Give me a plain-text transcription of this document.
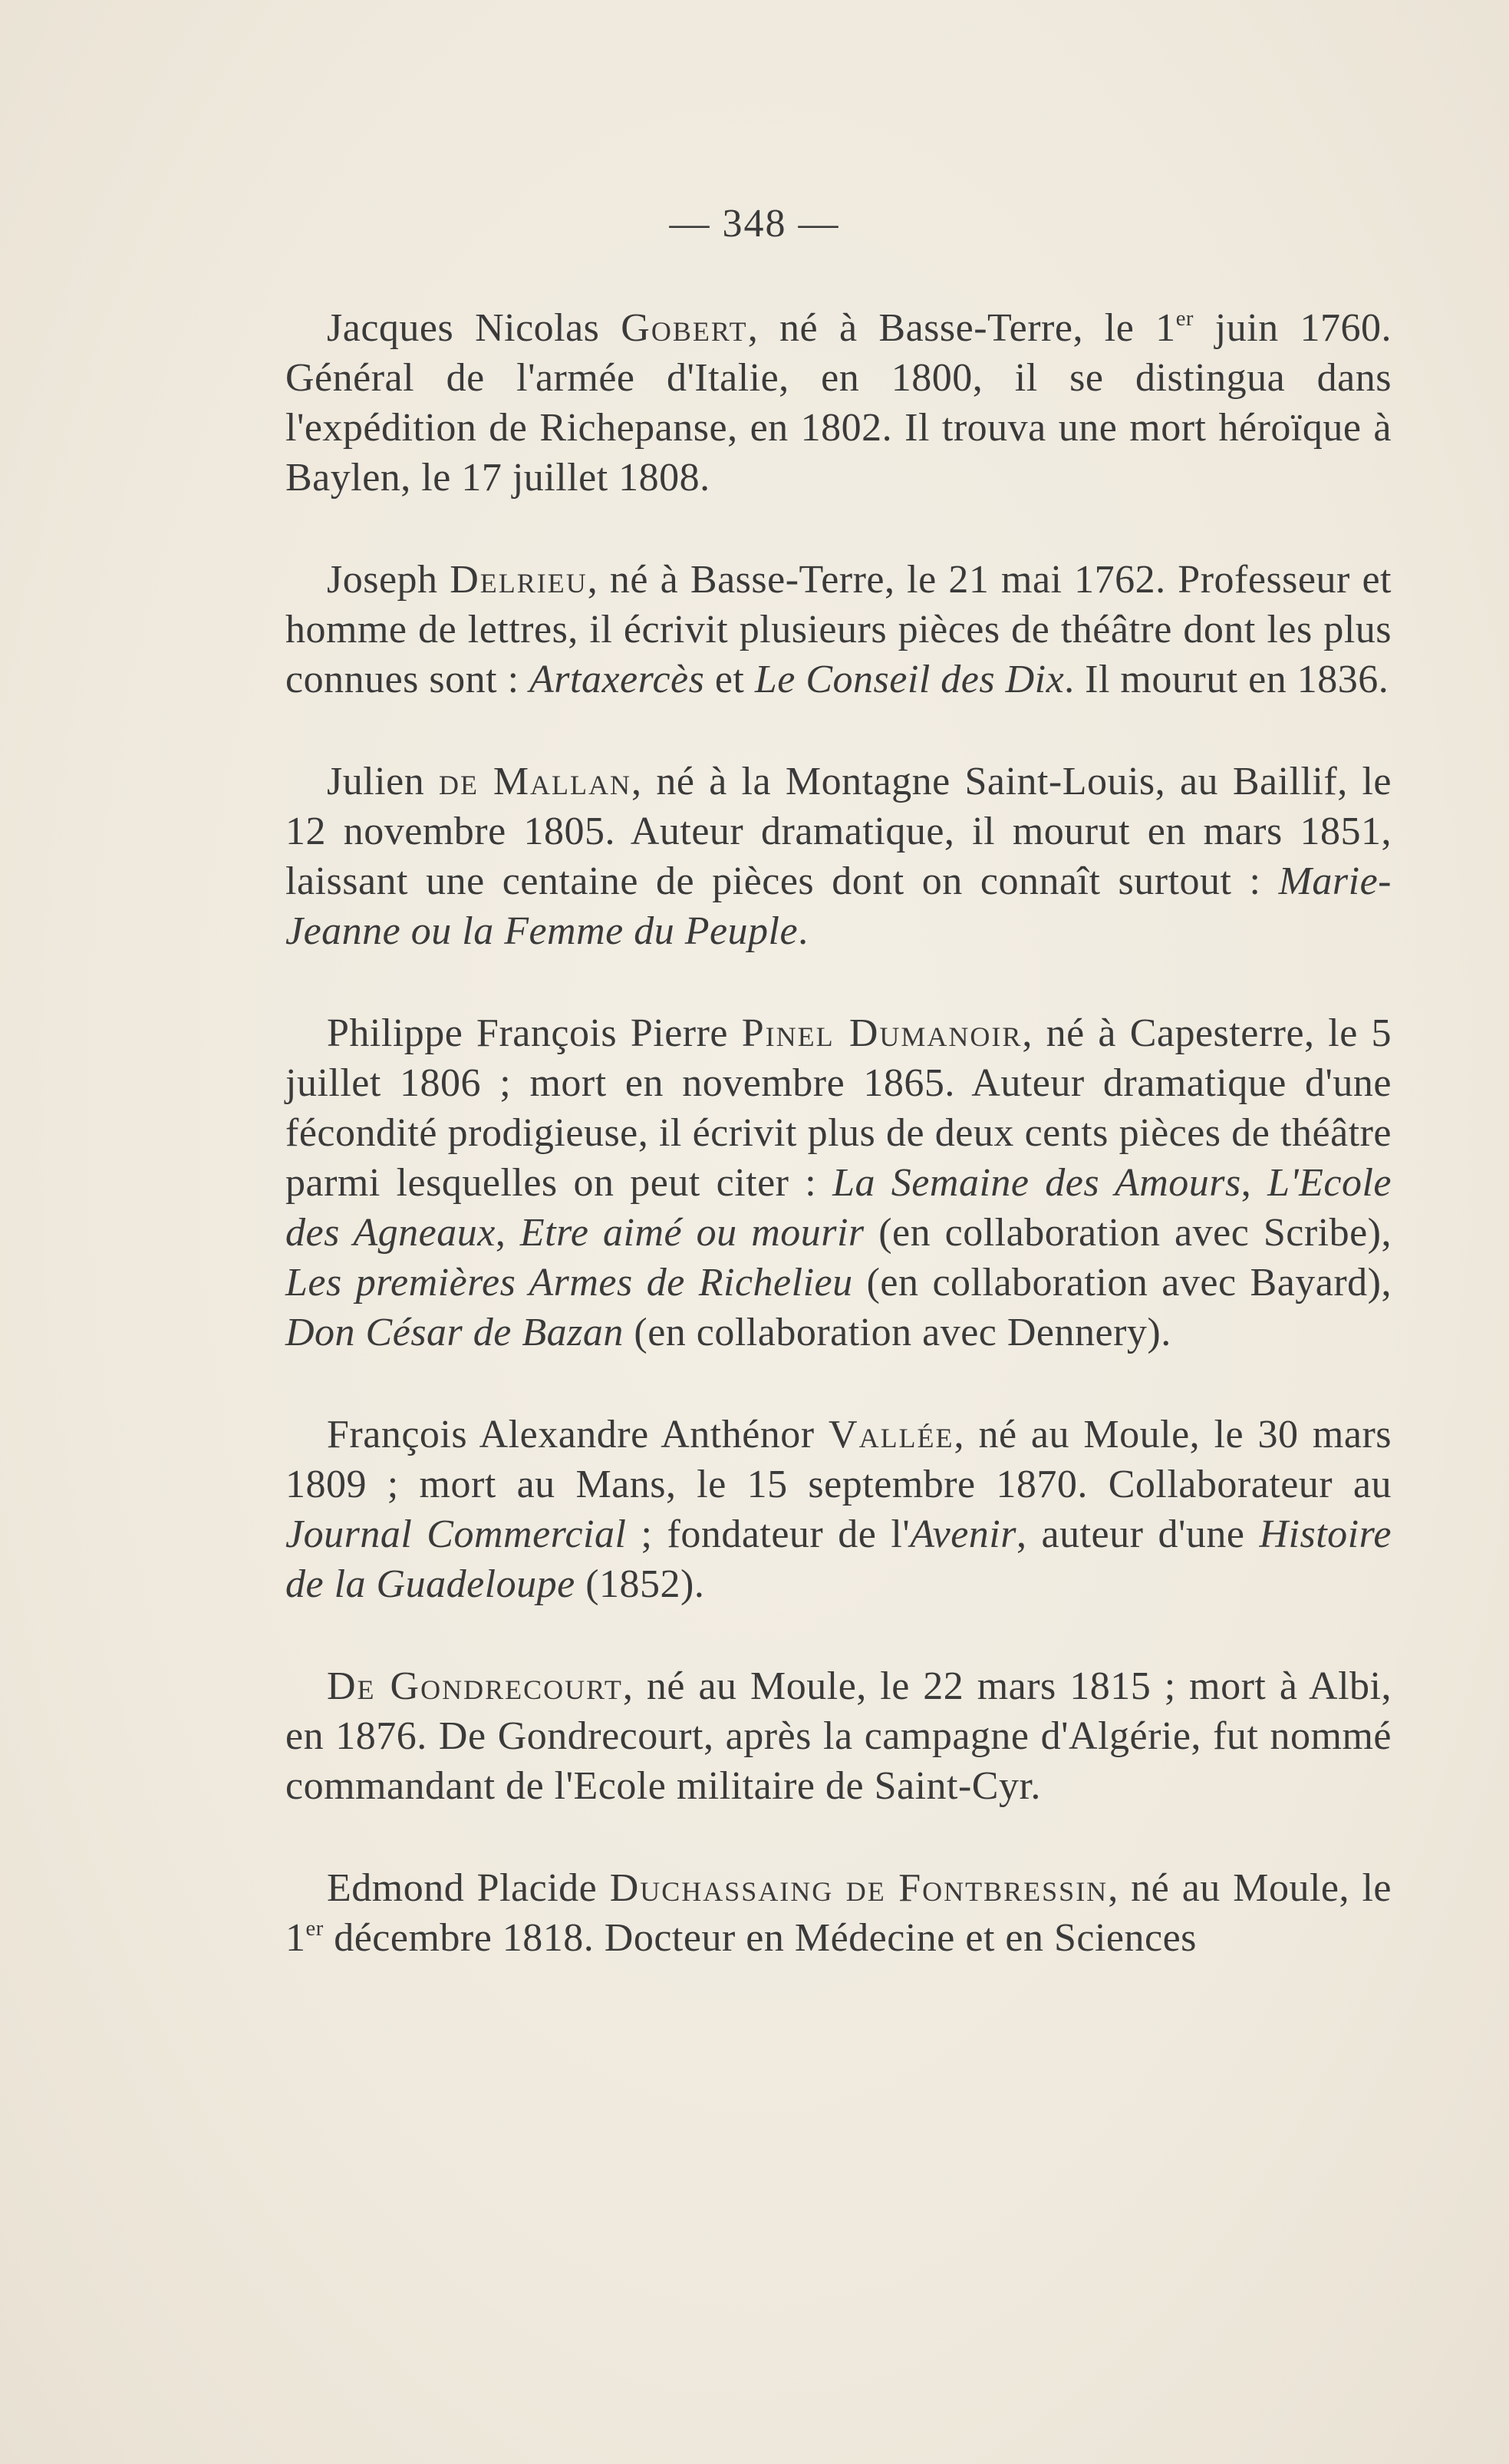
— 348 —

Jacques Nicolas Gobert, né à Basse-Terre, le 1er juin 1760. Général de l'armée d'Italie, en 1800, il se distingua dans l'expédition de Richepanse, en 1802. Il trouva une mort héroïque à Baylen, le 17 juillet 1808.

Joseph Delrieu, né à Basse-Terre, le 21 mai 1762. Professeur et homme de lettres, il écrivit plusieurs pièces de théâtre dont les plus connues sont : Artaxercès et Le Conseil des Dix. Il mourut en 1836.

Julien de Mallan, né à la Montagne Saint-Louis, au Baillif, le 12 novembre 1805. Auteur dramatique, il mourut en mars 1851, laissant une centaine de pièces dont on connaît surtout : Marie-Jeanne ou la Femme du Peuple.

Philippe François Pierre Pinel Dumanoir, né à Capesterre, le 5 juillet 1806 ; mort en novembre 1865. Auteur dramatique d'une fécondité prodigieuse, il écrivit plus de deux cents pièces de théâtre parmi lesquelles on peut citer : La Semaine des Amours, L'Ecole des Agneaux, Etre aimé ou mourir (en collaboration avec Scribe), Les premières Armes de Richelieu (en collaboration avec Bayard), Don César de Bazan (en collaboration avec Dennery).

François Alexandre Anthénor Vallée, né au Moule, le 30 mars 1809 ; mort au Mans, le 15 septembre 1870. Collaborateur au Journal Commercial ; fondateur de l'Avenir, auteur d'une Histoire de la Guadeloupe (1852).

De Gondrecourt, né au Moule, le 22 mars 1815 ; mort à Albi, en 1876. De Gondrecourt, après la campagne d'Algérie, fut nommé commandant de l'Ecole militaire de Saint-Cyr.

Edmond Placide Duchassaing de Fontbressin, né au Moule, le 1er décembre 1818. Docteur en Médecine et en Sciences
